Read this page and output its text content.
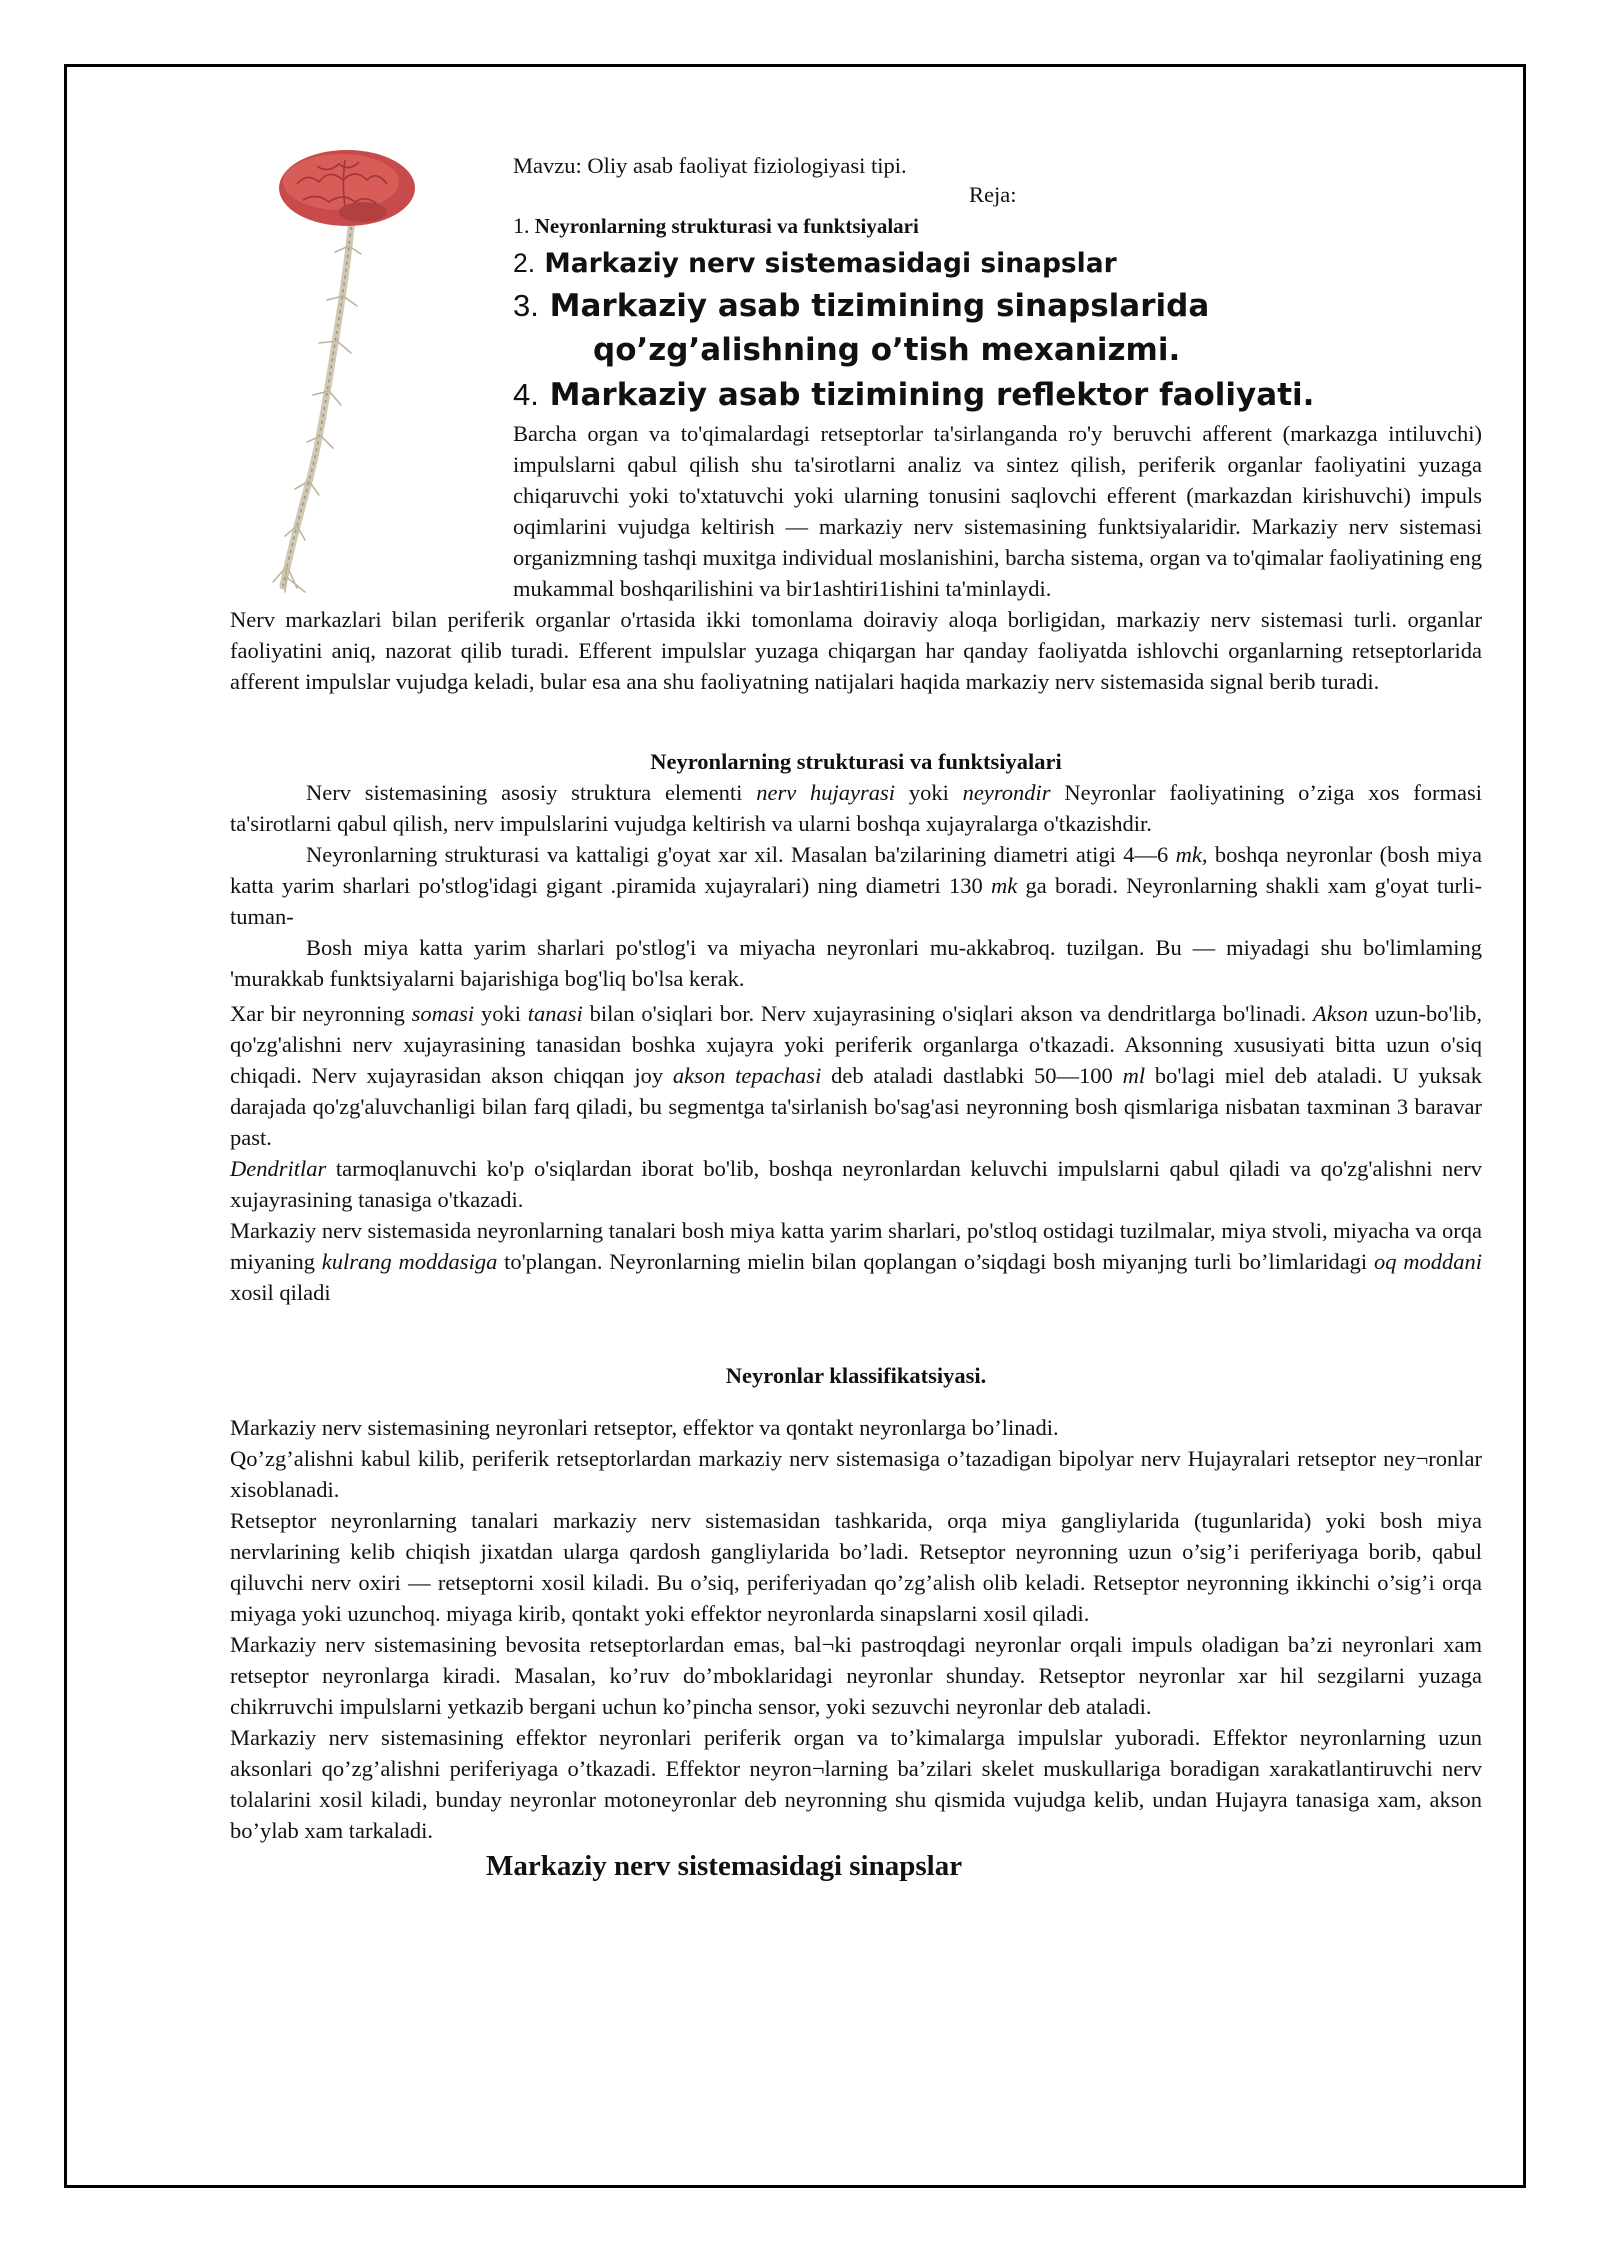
Mavzu: Oliy asab faoliyat fiziologiyasi tipi.

Reja:

1. Neyronlarning strukturasi va funktsiyalari

2. Markaziy nerv sistemasidagi sinapslar

3. Markaziy asab tizimining sinapslarida

qo’zg’alishning o’tish mexanizmi.

4. Markaziy asab tizimining reflektor faoliyati.

Barcha organ va to'qimalardagi retseptorlar ta'sirlanganda ro'y beruvchi afferent (markazga intiluvchi) impulslarni qabul qilish shu ta'sirotlarni analiz va sintez qilish, periferik organlar faoliyatini yuzaga chiqaruvchi yoki to'xtatuvchi yoki ularning tonusini saqlovchi efferent (markazdan kirishuvchi) impuls oqimlarini vujudga keltirish — markaziy nerv sistemasining funktsiyalaridir. Markaziy nerv sistemasi organizmning tashqi muxitga individual moslanishini, barcha sistema, organ va to'qimalar faoliyatining eng mukammal boshqarilishini va bir1ashtiri1ishini ta'minlaydi.

Nerv markazlari bilan periferik organlar o'rtasida ikki tomonlama doiraviy aloqa borligidan, markaziy nerv sistemasi turli. organlar faoliyatini aniq, nazorat qilib turadi. Efferent impulslar yuzaga chiqargan har qanday faoliyatda ishlovchi organlarning retseptorlarida afferent impulslar vujudga keladi, bular esa ana shu faoliyatning natijalari haqida markaziy nerv sistemasida signal berib turadi.

Neyronlarning strukturasi va funktsiyalari

Nerv sistemasining asosiy struktura elementi nerv hujayrasi yoki neyrondir Neyronlar faoliyatining o’ziga xos formasi ta'sirotlarni qabul qilish, nerv impulslarini vujudga keltirish va ularni boshqa xujayralarga o'tkazishdir.

Neyronlarning strukturasi va kattaligi g'oyat xar xil. Masalan ba'zilarining diametri atigi 4—6 mk, boshqa neyronlar (bosh miya katta yarim sharlari po'stlog'idagi gigant .piramida xujayralari) ning diametri 130 mk ga boradi. Neyronlarning shakli xam g'oyat turli-tuman-

Bosh miya katta yarim sharlari po'stlog'i va miyacha neyronlari mu-akkabroq. tuzilgan. Bu — miyadagi shu bo'limlaming 'murakkab funktsiyalarni bajarishiga bog'liq bo'lsa kerak.

Xar bir neyronning somasi yoki tanasi bilan o'siqlari bor. Nerv xujayrasining o'siqlari akson va dendritlarga bo'linadi. Akson uzun-bo'lib, qo'zg'alishni nerv xujayrasining tanasidan boshka xujayra yoki periferik organlarga o'tkazadi. Aksonning xususiyati bitta uzun o'siq chiqadi. Nerv xujayrasidan akson chiqqan joy akson tepachasi deb ataladi dastlabki 50—100 ml bo'lagi miel deb ataladi. U yuksak darajada qo'zg'aluvchanligi bilan farq qiladi, bu segmentga ta'sirlanish bo'sag'asi neyronning bosh qismlariga nisbatan taxminan 3 baravar past.

Dendritlar tarmoqlanuvchi ko'p o'siqlardan iborat bo'lib, boshqa neyronlardan keluvchi impulslarni qabul qiladi va qo'zg'alishni nerv xujayrasining tanasiga o'tkazadi.

Markaziy nerv sistemasida neyronlarning tanalari bosh miya katta yarim sharlari, po'stloq ostidagi tuzilmalar, miya stvoli, miyacha va orqa miyaning kulrang moddasiga to'plangan. Neyronlarning mielin bilan qoplangan o’siqdagi bosh miyanjng turli bo’limlaridagi oq moddani xosil qiladi

Neyronlar klassifikatsiyasi.

Markaziy nerv sistemasining neyronlari retseptor, effektor va qontakt neyronlarga bo’linadi.

Qo’zg’alishni kabul kilib, periferik retseptorlardan markaziy nerv sistemasiga o’tazadigan bipolyar nerv Hujayralari retseptor ney¬ronlar xisoblanadi.

Retseptor neyronlarning tanalari markaziy nerv sistemasidan tashkarida, orqa miya gangliylarida (tugunlarida) yoki bosh miya nervlarining kelib chiqish jixatdan ularga qardosh gangliylarida bo’ladi. Retseptor neyronning uzun o’sig’i periferiyaga borib, qabul qiluvchi nerv oxiri — retseptorni xosil kiladi. Bu o’siq, periferiyadan qo’zg’alish olib keladi. Retseptor neyronning ikkinchi o’sig’i orqa miyaga yoki uzunchoq. miyaga kirib, qontakt yoki effektor neyronlarda sinapslarni xosil qiladi.

Markaziy nerv sistemasining bevosita retseptorlardan emas, bal¬ki pastroqdagi neyronlar orqali impuls oladigan ba’zi neyronlari xam retseptor neyronlarga kiradi. Masalan, ko’ruv do’mboklaridagi neyronlar shunday. Retseptor neyronlar xar hil sezgilarni yuzaga chikrruvchi impulslarni yetkazib bergani uchun ko’pincha sensor, yoki sezuvchi neyronlar deb ataladi.

Markaziy nerv sistemasining effektor neyronlari periferik organ va to’kimalarga impulslar yuboradi. Effektor neyronlarning uzun aksonlari qo’zg’alishni periferiyaga o’tkazadi. Effektor neyron¬larning ba’zilari skelet muskullariga boradigan xarakatlantiruvchi nerv tolalarini xosil kiladi, bunday neyronlar motoneyronlar deb neyronning shu qismida vujudga kelib, undan Hujayra tanasiga xam, akson bo’ylab xam tarkaladi.

Markaziy nerv sistemasidagi sinapslar
